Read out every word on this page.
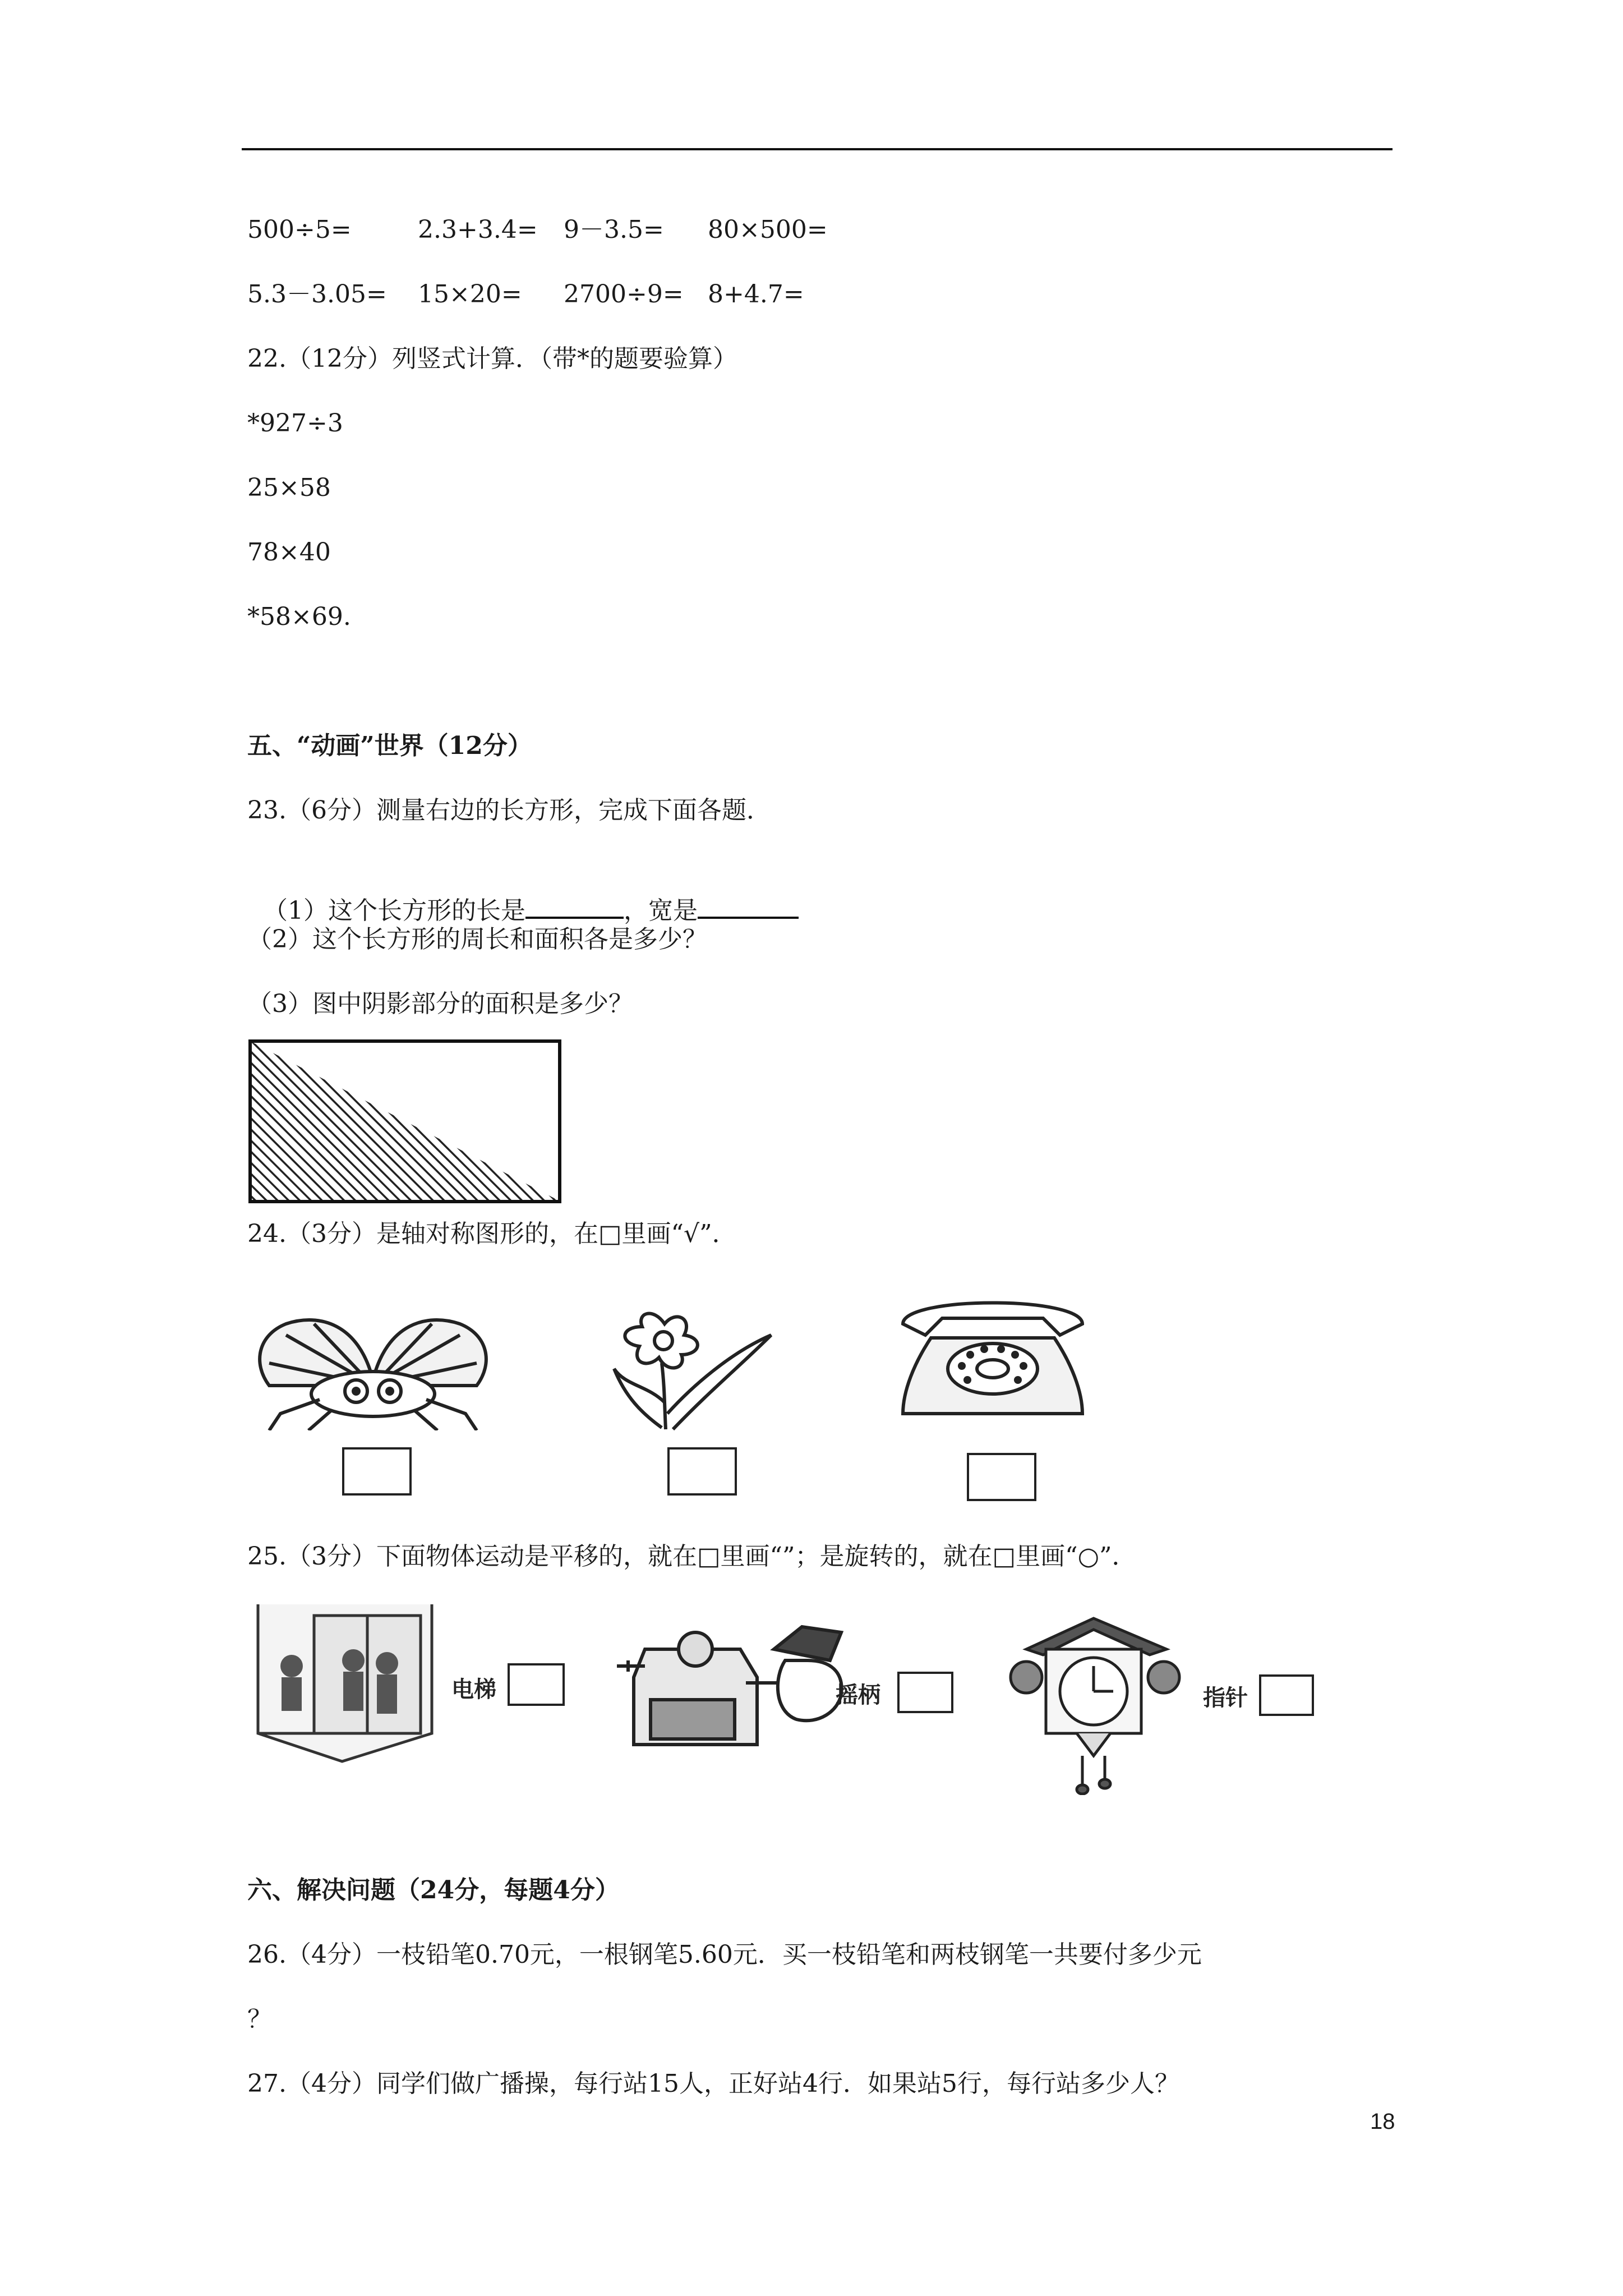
500÷5=	2.3+3.4= 9－3.5= 80×500=
5.3－3.05= 15×20= 2700÷9= 8+4.7=
22.（12分）列竖式计算．（带*的题要验算）
*927÷3
25×58
78×40
*58×69.
五、“动画”世界（12分）
23.（6分）测量右边的长方形，完成下面各题．

（1）这个长方形的长是	，宽是

（2）这个长方形的周长和面积各是多少？
（3）图中阴影部分的面积是多少？
24.（3分）是轴对称图形的，在□里画“√”．
25.（3分）下面物体运动是平移的，就在□里画“”；是旋转的，就在□里画“○”．
电梯	摇柄	指针
六、解决问题（24分，每题4分）
26.（4分）一枝铅笔0.70元，一根钢笔5.60元．买一枝铅笔和两枝钢笔一共要付多少元
？
27.（4分）同学们做广播操，每行站15人，正好站4行．如果站5行，每行站多少人？
18
